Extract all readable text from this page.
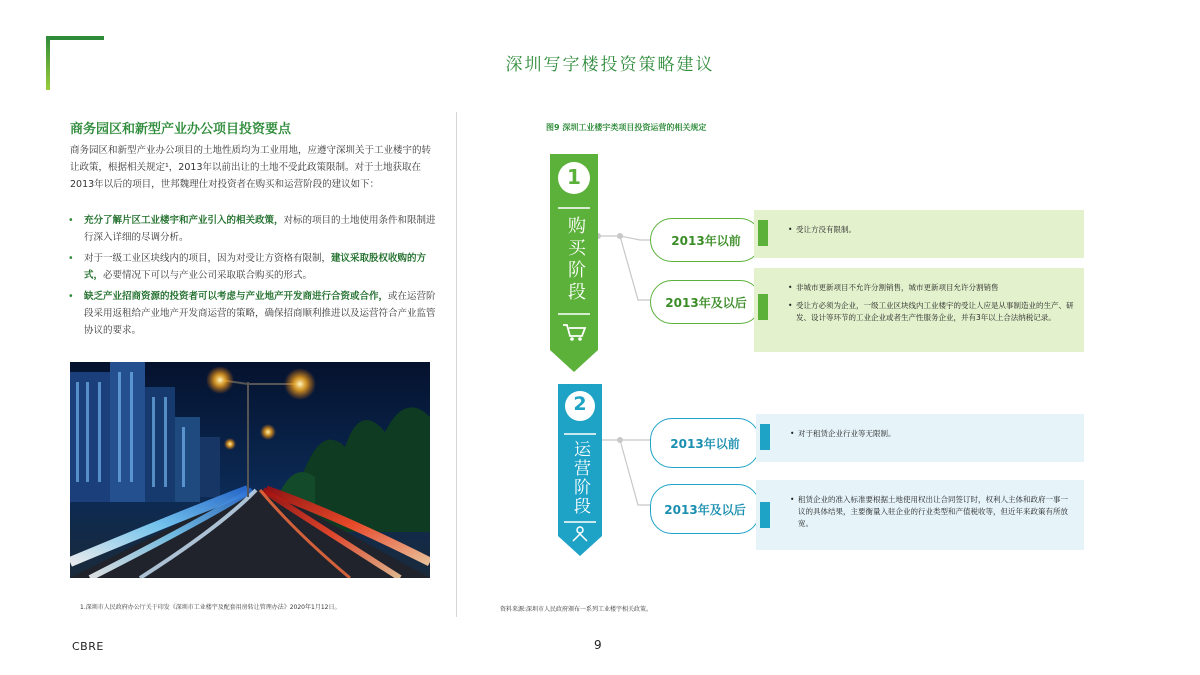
深圳写字楼投资策略建议
商务园区和新型产业办公项目投资要点
商务园区和新型产业办公项目的土地性质均为工业用地，应遵守深圳关于工业楼宇的转让政策，根据相关规定¹，2013年以前出让的土地不受此政策限制。对于土地获取在2013年以后的项目，世邦魏理仕对投资者在购买和运营阶段的建议如下：
• 充分了解片区工业楼宇和产业引入的相关政策，对标的项目的土地使用条件和限制进行深入详细的尽调分析。
• 对于一级工业区块线内的项目，因为对受让方资格有限制，建议采取股权收购的方式，必要情况下可以与产业公司采取联合购买的形式。
• 缺乏产业招商资源的投资者可以考虑与产业地产开发商进行合资或合作，或在运营阶段采用返租给产业地产开发商运营的策略，确保招商顺利推进以及运营符合产业监管协议的要求。
1.深圳市人民政府办公厅关于印发《深圳市工业楼宇及配套用房转让管理办法》2020年1月12日。
图9 深圳工业楼宇类项目投资运营的相关规定
1
购买阶段	2013年以前

• 受让方没有限制。

2013年及以后

• 非城市更新项目不允许分割销售，城市更新项目允许分割销售

• 受让方必须为企业，一级工业区块线内工业楼宇的受让人应是从事制造业的生产、研发、设计等环节的工业企业或者生产性服务企业，并有3年以上合法纳税记录。

2
运营阶段	2013年以前

• 对于租赁企业行业等无限制。

2013年及以后

• 租赁企业的准入标准要根据土地使用权出让合同签订时，权利人主体和政府一事一议的具体结果，主要衡量入驻企业的行业类型和产值税收等，但近年来政策有所放宽。

资料来源:深圳市人民政府颁布一系列工业楼宇相关政策。
CBRE	9
